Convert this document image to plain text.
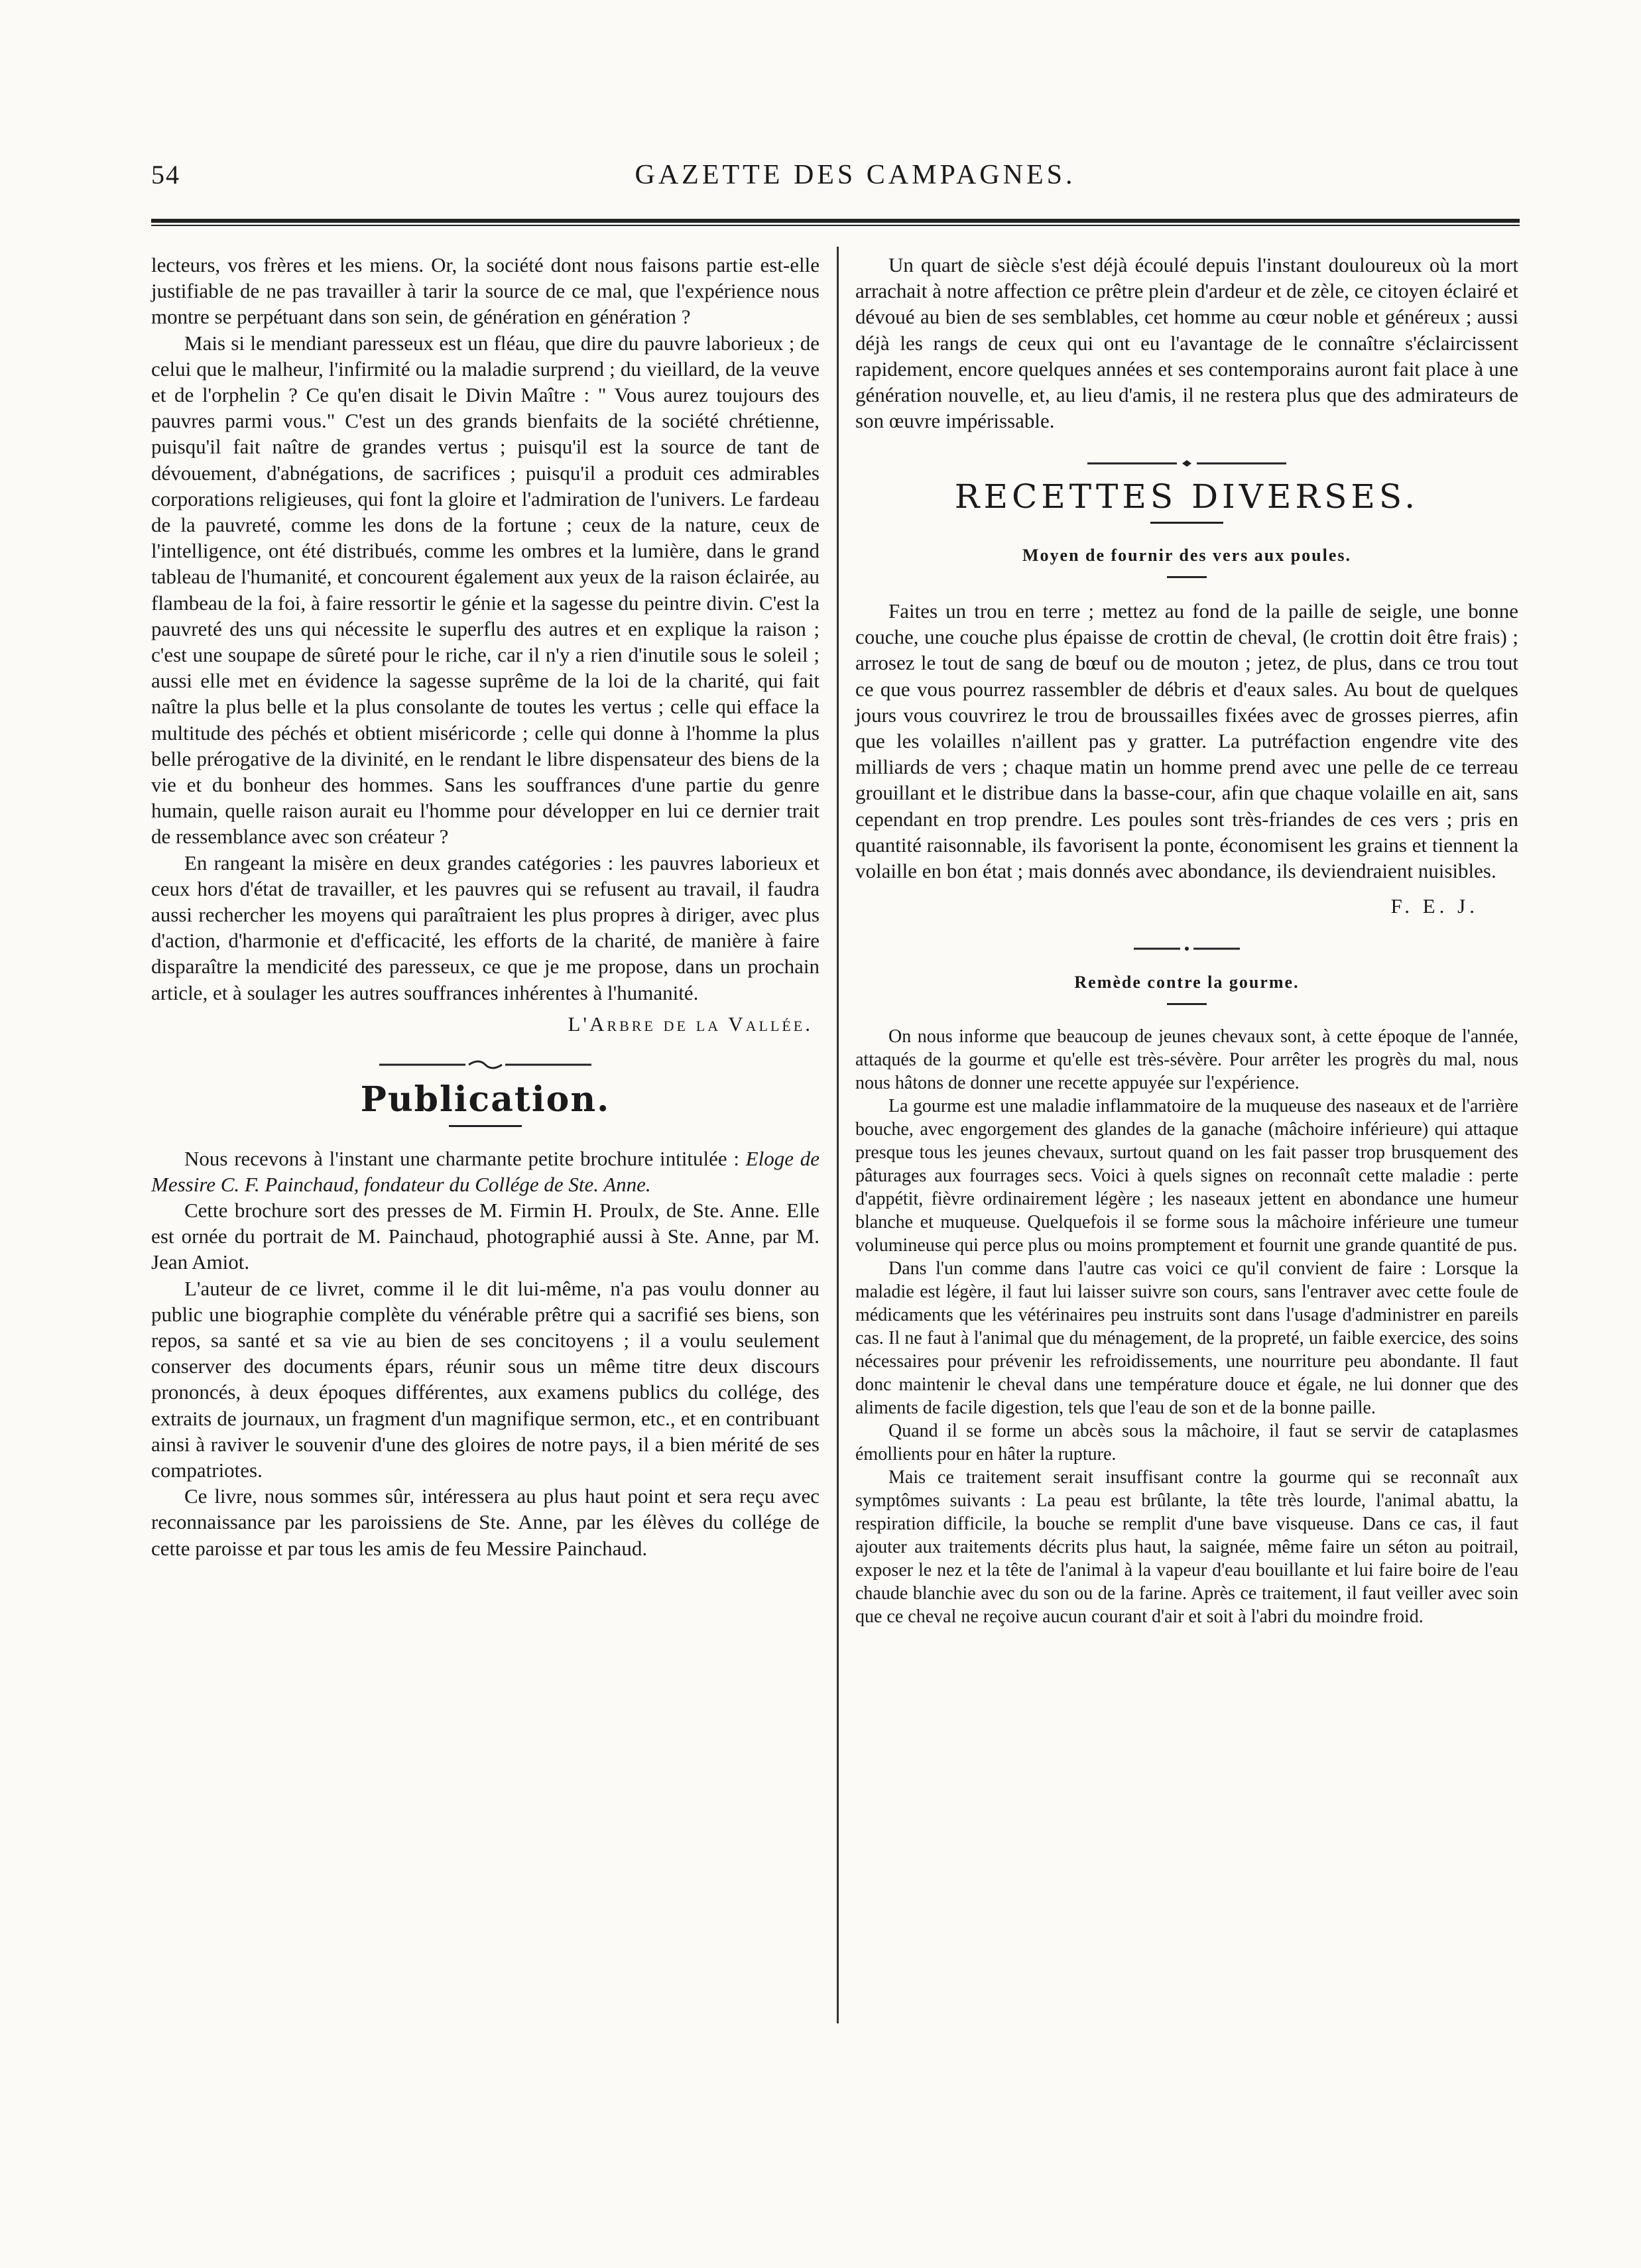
54	GAZETTE DES CAMPAGNES.

lecteurs, vos frères et les miens. Or, la société dont nous faisons partie est-elle justifiable de ne pas travailler à tarir la source de ce mal, que l'expérience nous montre se perpétuant dans son sein, de génération en génération ?

Mais si le mendiant paresseux est un fléau, que dire du pauvre laborieux ; de celui que le malheur, l'infirmité ou la maladie surprend ; du vieillard, de la veuve et de l'orphelin ? Ce qu'en disait le Divin Maître : " Vous aurez toujours des pauvres parmi vous." C'est un des grands bienfaits de la société chrétienne, puisqu'il fait naître de grandes vertus ; puisqu'il est la source de tant de dévouement, d'abnégations, de sacrifices ; puisqu'il a produit ces admirables corporations religieuses, qui font la gloire et l'admiration de l'univers. Le fardeau de la pauvreté, comme les dons de la fortune ; ceux de la nature, ceux de l'intelligence, ont été distribués, comme les ombres et la lumière, dans le grand tableau de l'humanité, et concourent également aux yeux de la raison éclairée, au flambeau de la foi, à faire ressortir le génie et la sagesse du peintre divin. C'est la pauvreté des uns qui nécessite le superflu des autres et en explique la raison ; c'est une soupape de sûreté pour le riche, car il n'y a rien d'inutile sous le soleil ; aussi elle met en évidence la sagesse suprême de la loi de la charité, qui fait naître la plus belle et la plus consolante de toutes les vertus ; celle qui efface la multitude des péchés et obtient miséricorde ; celle qui donne à l'homme la plus belle prérogative de la divinité, en le rendant le libre dispensateur des biens de la vie et du bonheur des hommes. Sans les souffrances d'une partie du genre humain, quelle raison aurait eu l'homme pour développer en lui ce dernier trait de ressemblance avec son créateur ?

En rangeant la misère en deux grandes catégories : les pauvres laborieux et ceux hors d'état de travailler, et les pauvres qui se refusent au travail, il faudra aussi rechercher les moyens qui paraîtraient les plus propres à diriger, avec plus d'action, d'harmonie et d'efficacité, les efforts de la charité, de manière à faire disparaître la mendicité des paresseux, ce que je me propose, dans un prochain article, et à soulager les autres souffrances inhérentes à l'humanité.

L'Arbre de la Vallée.
Publication.

Nous recevons à l'instant une charmante petite brochure intitulée : Eloge de Messire C. F. Painchaud, fondateur du Collége de Ste. Anne.

Cette brochure sort des presses de M. Firmin H. Proulx, de Ste. Anne. Elle est ornée du portrait de M. Painchaud, photographié aussi à Ste. Anne, par M. Jean Amiot.

L'auteur de ce livret, comme il le dit lui-même, n'a pas voulu donner au public une biographie complète du vénérable prêtre qui a sacrifié ses biens, son repos, sa santé et sa vie au bien de ses concitoyens ; il a voulu seulement conserver des documents épars, réunir sous un même titre deux discours prononcés, à deux époques différentes, aux examens publics du collége, des extraits de journaux, un fragment d'un magnifique sermon, etc., et en contribuant ainsi à raviver le souvenir d'une des gloires de notre pays, il a bien mérité de ses compatriotes.

Ce livre, nous sommes sûr, intéressera au plus haut point et sera reçu avec reconnaissance par les paroissiens de Ste. Anne, par les élèves du collége de cette paroisse et par tous les amis de feu Messire Painchaud.

Un quart de siècle s'est déjà écoulé depuis l'instant douloureux où la mort arrachait à notre affection ce prêtre plein d'ardeur et de zèle, ce citoyen éclairé et dévoué au bien de ses semblables, cet homme au cœur noble et généreux ; aussi déjà les rangs de ceux qui ont eu l'avantage de le connaître s'éclaircissent rapidement, encore quelques années et ses contemporains auront fait place à une génération nouvelle, et, au lieu d'amis, il ne restera plus que des admirateurs de son œuvre impérissable.

RECETTES DIVERSES.
Moyen de fournir des vers aux poules.

Faites un trou en terre ; mettez au fond de la paille de seigle, une bonne couche, une couche plus épaisse de crottin de cheval, (le crottin doit être frais) ; arrosez le tout de sang de bœuf ou de mouton ; jetez, de plus, dans ce trou tout ce que vous pourrez rassembler de débris et d'eaux sales. Au bout de quelques jours vous couvrirez le trou de broussailles fixées avec de grosses pierres, afin que les volailles n'aillent pas y gratter. La putréfaction engendre vite des milliards de vers ; chaque matin un homme prend avec une pelle de ce terreau grouillant et le distribue dans la basse-cour, afin que chaque volaille en ait, sans cependant en trop prendre. Les poules sont très-friandes de ces vers ; pris en quantité raisonnable, ils favorisent la ponte, économisent les grains et tiennent la volaille en bon état ; mais donnés avec abondance, ils deviendraient nuisibles.

F. E. J.
Remède contre la gourme.

On nous informe que beaucoup de jeunes chevaux sont, à cette époque de l'année, attaqués de la gourme et qu'elle est très-sévère. Pour arrêter les progrès du mal, nous nous hâtons de donner une recette appuyée sur l'expérience.

La gourme est une maladie inflammatoire de la muqueuse des naseaux et de l'arrière bouche, avec engorgement des glandes de la ganache (mâchoire inférieure) qui attaque presque tous les jeunes chevaux, surtout quand on les fait passer trop brusquement des pâturages aux fourrages secs. Voici à quels signes on reconnaît cette maladie : perte d'appétit, fièvre ordinairement légère ; les naseaux jettent en abondance une humeur blanche et muqueuse. Quelquefois il se forme sous la mâchoire inférieure une tumeur volumineuse qui perce plus ou moins promptement et fournit une grande quantité de pus.

Dans l'un comme dans l'autre cas voici ce qu'il convient de faire : Lorsque la maladie est légère, il faut lui laisser suivre son cours, sans l'entraver avec cette foule de médicaments que les vétérinaires peu instruits sont dans l'usage d'administrer en pareils cas. Il ne faut à l'animal que du ménagement, de la propreté, un faible exercice, des soins nécessaires pour prévenir les refroidissements, une nourriture peu abondante. Il faut donc maintenir le cheval dans une température douce et égale, ne lui donner que des aliments de facile digestion, tels que l'eau de son et de la bonne paille.

Quand il se forme un abcès sous la mâchoire, il faut se servir de cataplasmes émollients pour en hâter la rupture.

Mais ce traitement serait insuffisant contre la gourme qui se reconnaît aux symptômes suivants : La peau est brûlante, la tête très lourde, l'animal abattu, la respiration difficile, la bouche se remplit d'une bave visqueuse. Dans ce cas, il faut ajouter aux traitements décrits plus haut, la saignée, même faire un séton au poitrail, exposer le nez et la tête de l'animal à la vapeur d'eau bouillante et lui faire boire de l'eau chaude blanchie avec du son ou de la farine. Après ce traitement, il faut veiller avec soin que ce cheval ne reçoive aucun courant d'air et soit à l'abri du moindre froid.
